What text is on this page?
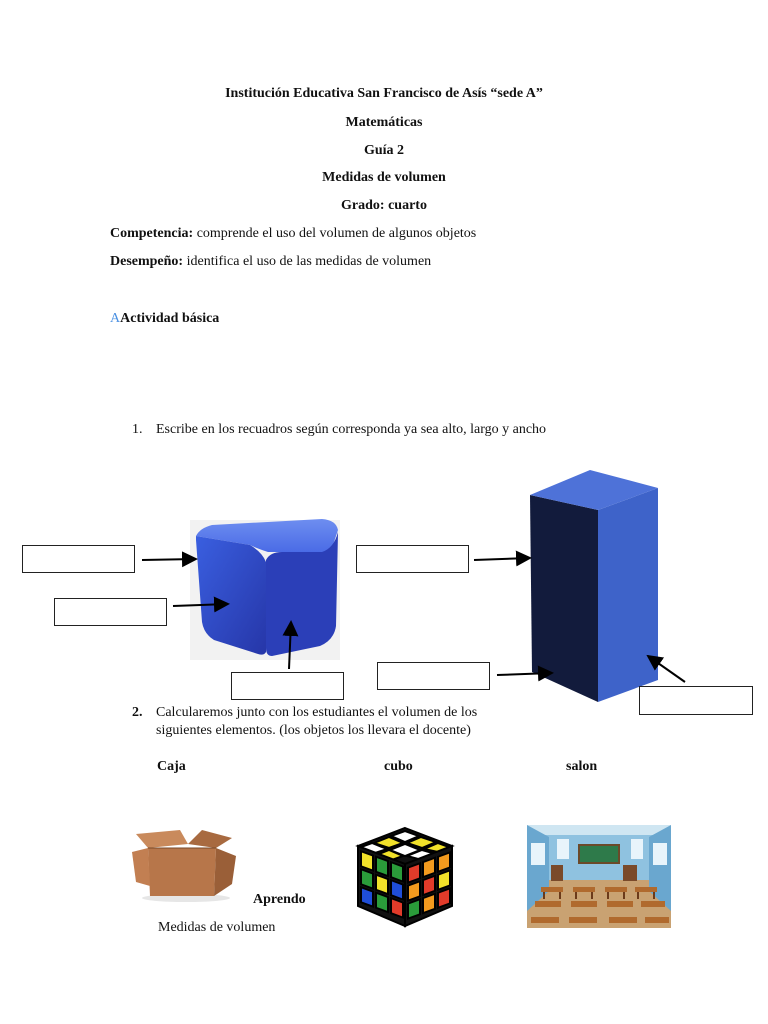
Institución Educativa San Francisco de Asís “sede A”
Matemáticas
Guía 2
Medidas de volumen
Grado: cuarto
Competencia: comprende el uso del volumen de algunos objetos
Desempeño: identifica el uso de las medidas de volumen
AActividad básica
1. Escribe en los recuadros según corresponda ya sea alto, largo y ancho
2. Calcularemos junto con los estudiantes el volumen de los
siguientes elementos. (los objetos los llevara el docente)
Caja	cubo	salon
Aprendo
Medidas de volumen
